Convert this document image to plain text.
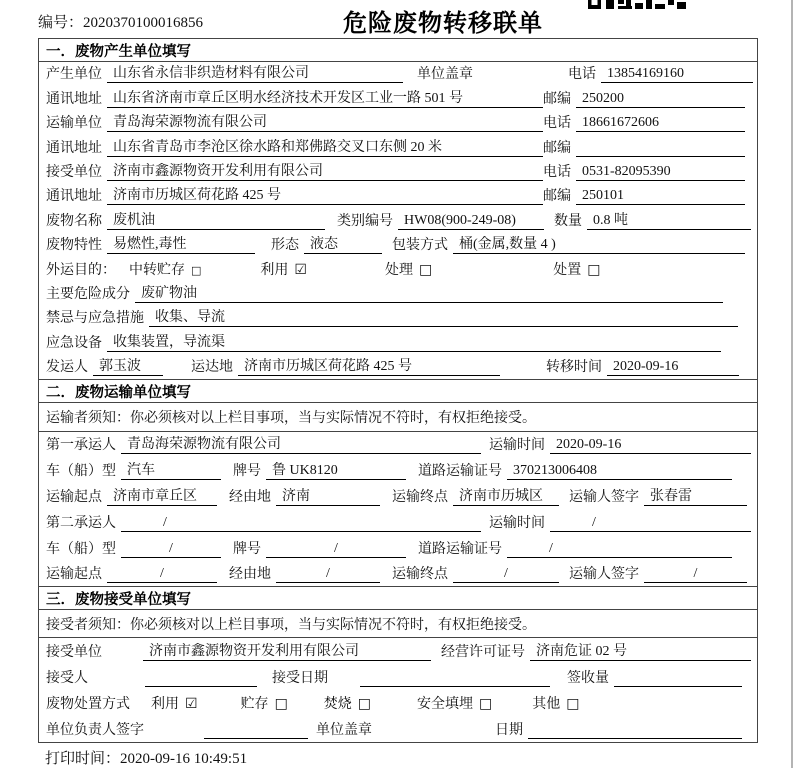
编号：2020370100016856	危险废物转移联单
一．废物产生单位填写
产生单位 山东省永信非织造材料有限公司	单位盖章	电话 13854169160
通讯地址 山东省济南市章丘区明水经济技术开发区工业一路 501 号	邮编 250200
运输单位 青岛海荣源物流有限公司	电话 18661672606
通讯地址 山东省青岛市李沧区徐水路和郑佛路交叉口东侧 20 米	邮编
接受单位 济南市鑫源物资开发利用有限公司	电话 0531-82095390
通讯地址 济南市历城区荷花路 425 号	邮编 250101
废物名称 废机油	类别编号 HW08(900-249-08)	数量 0.8 吨
废物特性 易燃性,毒性	形态 液态	包装方式 桶(金属,数量 4 )
外运目的： 中转贮存 □	利用 ☑	处理 □	处置 □
主要危险成分 废矿物油
禁忌与应急措施 收集、导流
应急设备 收集装置，导流渠
发运人 郭玉波	运达地 济南市历城区荷花路 425 号	转移时间 2020-09-16
二．废物运输单位填写
运输者须知：你必须核对以上栏目事项，当与实际情况不符时，有权拒绝接受。
第一承运人 青岛海荣源物流有限公司	运输时间 2020-09-16
车（船）型 汽车	牌号 鲁 UK8120	道路运输证号 370213006408
运输起点 济南市章丘区	经由地 济南	运输终点 济南市历城区	运输人签字 张春雷
第二承运人	/	运输时间	/
车（船）型	/	牌号	/	道路运输证号	/
运输起点	/	经由地	/	运输终点	/	运输人签字	/
三．废物接受单位填写
接受者须知：你必须核对以上栏目事项，当与实际情况不符时，有权拒绝接受。
接受单位	济南市鑫源物资开发利用有限公司	经营许可证号 济南危证 02 号
接受人	接受日期	签收量
废物处置方式 利用 ☑	贮存 □	焚烧 □	安全填埋 □	其他 □
单位负责人签字	单位盖章	日期
打印时间：2020-09-16 10:49:51
